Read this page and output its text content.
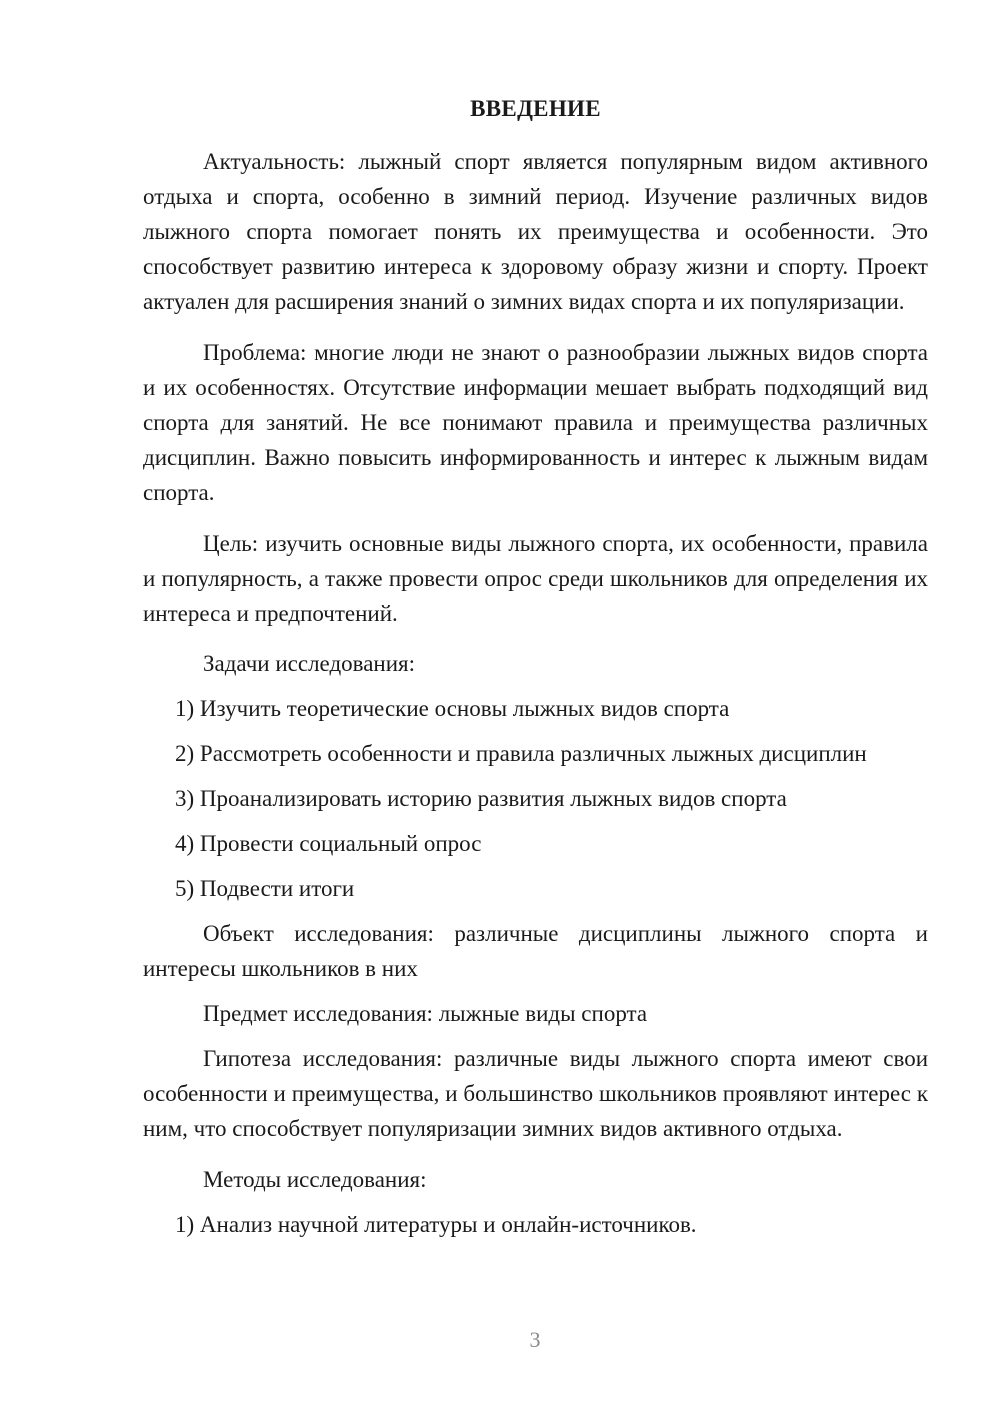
ВВЕДЕНИЕ

Актуальность: лыжный спорт является популярным видом активного отдыха и спорта, особенно в зимний период. Изучение различных видов лыжного спорта помогает понять их преимущества и особенности. Это способствует развитию интереса к здоровому образу жизни и спорту. Проект актуален для расширения знаний о зимних видах спорта и их популяризации.

Проблема: многие люди не знают о разнообразии лыжных видов спорта и их особенностях. Отсутствие информации мешает выбрать подходящий вид спорта для занятий. Не все понимают правила и преимущества различных дисциплин. Важно повысить информированность и интерес к лыжным видам спорта.

Цель: изучить основные виды лыжного спорта, их особенности, правила и популярность, а также провести опрос среди школьников для определения их интереса и предпочтений.

Задачи исследования:

1) Изучить теоретические основы лыжных видов спорта

2) Рассмотреть особенности и правила различных лыжных дисциплин

3) Проанализировать историю развития лыжных видов спорта

4) Провести социальный опрос

5) Подвести итоги

Объект исследования: различные дисциплины лыжного спорта и интересы школьников в них

Предмет исследования: лыжные виды спорта

Гипотеза исследования: различные виды лыжного спорта имеют свои особенности и преимущества, и большинство школьников проявляют интерес к ним, что способствует популяризации зимних видов активного отдыха.

Методы исследования:

1) Анализ научной литературы и онлайн-источников.

3
